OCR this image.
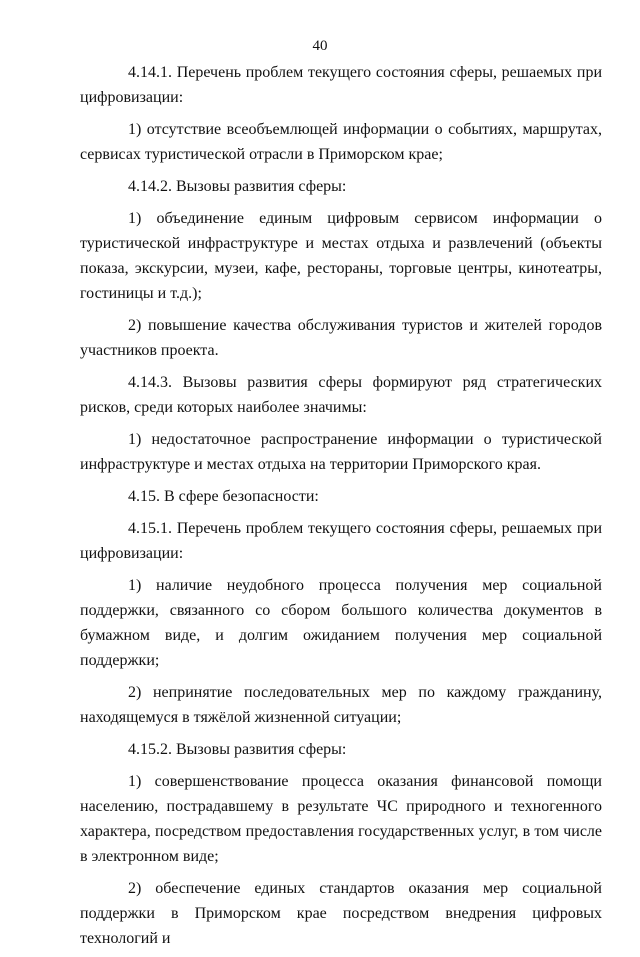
40

4.14.1. Перечень проблем текущего состояния сферы, решаемых при цифровизации:

1) отсутствие всеобъемлющей информации о событиях, маршрутах, сервисах туристической отрасли в Приморском крае;

4.14.2. Вызовы развития сферы:

1) объединение единым цифровым сервисом информации о туристической инфраструктуре и местах отдыха и развлечений (объекты показа, экскурсии, музеи, кафе, рестораны, торговые центры, кинотеатры, гостиницы и т.д.);

2) повышение качества обслуживания туристов и жителей городов участников проекта.

4.14.3. Вызовы развития сферы формируют ряд стратегических рисков, среди которых наиболее значимы:

1) недостаточное распространение информации о туристической инфраструктуре и местах отдыха на территории Приморского края.

4.15. В сфере безопасности:

4.15.1. Перечень проблем текущего состояния сферы, решаемых при цифровизации:

1) наличие неудобного процесса получения мер социальной поддержки, связанного со сбором большого количества документов в бумажном виде, и долгим ожиданием получения мер социальной поддержки;

2) непринятие последовательных мер по каждому гражданину, находящемуся в тяжёлой жизненной ситуации;

4.15.2. Вызовы развития сферы:

1) совершенствование процесса оказания финансовой помощи населению, пострадавшему в результате ЧС природного и техногенного характера, посредством предоставления государственных услуг, в том числе в электронном виде;

2) обеспечение единых стандартов оказания мер социальной поддержки в Приморском крае посредством внедрения цифровых технологий и
